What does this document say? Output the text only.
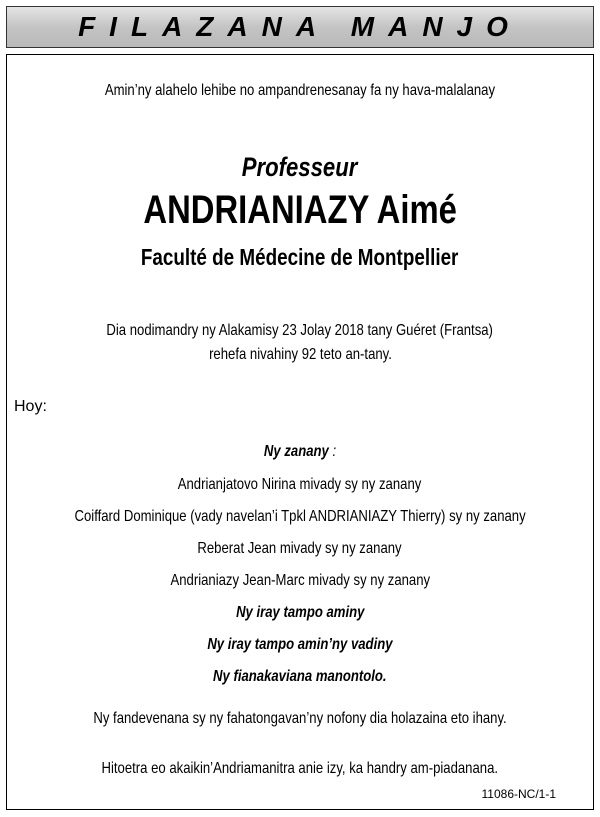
FILAZANA MANJO
Amin’ny alahelo lehibe no ampandrenesanay fa ny hava-malalanay
Professeur
ANDRIANIAZY Aimé
Faculté de Médecine de Montpellier
Dia nodimandry ny Alakamisy 23 Jolay 2018 tany Guéret (Frantsa)
rehefa nivahiny 92 teto an-tany.
Hoy:
Ny zanany :
Andrianjatovo Nirina mivady sy ny zanany
Coiffard Dominique (vady navelan’i Tpkl ANDRIANIAZY Thierry) sy ny zanany
Reberat Jean mivady sy ny zanany
Andrianiazy Jean-Marc mivady sy ny zanany
Ny iray tampo aminy
Ny iray tampo amin’ny vadiny
Ny fianakaviana manontolo.
Ny fandevenana sy ny fahatongavan’ny nofony dia holazaina eto ihany.
Hitoetra eo akaikin’Andriamanitra anie izy, ka handry am-piadanana.
11086-NC/1-1
